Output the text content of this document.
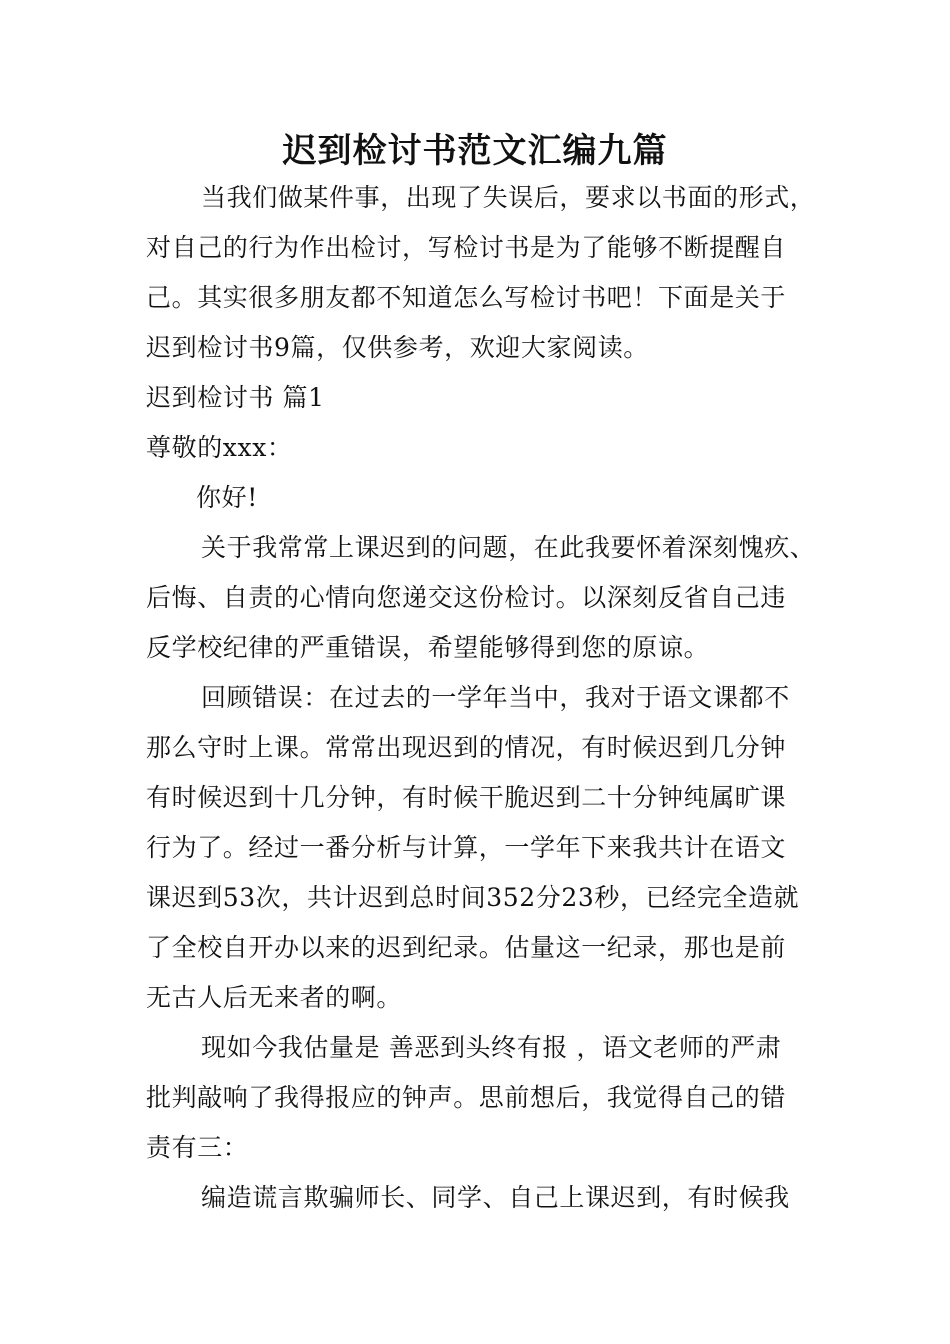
迟到检讨书范文汇编九篇

当我们做某件事，出现了失误后，要求以书面的形式，

对自己的行为作出检讨，写检讨书是为了能够不断提醒自

己。其实很多朋友都不知道怎么写检讨书吧！下面是关于

迟到检讨书9篇，仅供参考，欢迎大家阅读。

迟到检讨书 篇1

尊敬的xxx：

你好!

关于我常常上课迟到的问题，在此我要怀着深刻愧疚、

后悔、自责的心情向您递交这份检讨。以深刻反省自己违

反学校纪律的严重错误，希望能够得到您的原谅。

回顾错误：在过去的一学年当中，我对于语文课都不

那么守时上课。常常出现迟到的情况，有时候迟到几分钟

有时候迟到十几分钟，有时候干脆迟到二十分钟纯属旷课

行为了。经过一番分析与计算，一学年下来我共计在语文

课迟到53次，共计迟到总时间352分23秒，已经完全造就

了全校自开办以来的迟到纪录。估量这一纪录，那也是前

无古人后无来者的啊。

现如今我估量是 善恶到头终有报 ，语文老师的严肃

批判敲响了我得报应的钟声。思前想后，我觉得自己的错

责有三：

编造谎言欺骗师长、同学、自己上课迟到，有时候我
